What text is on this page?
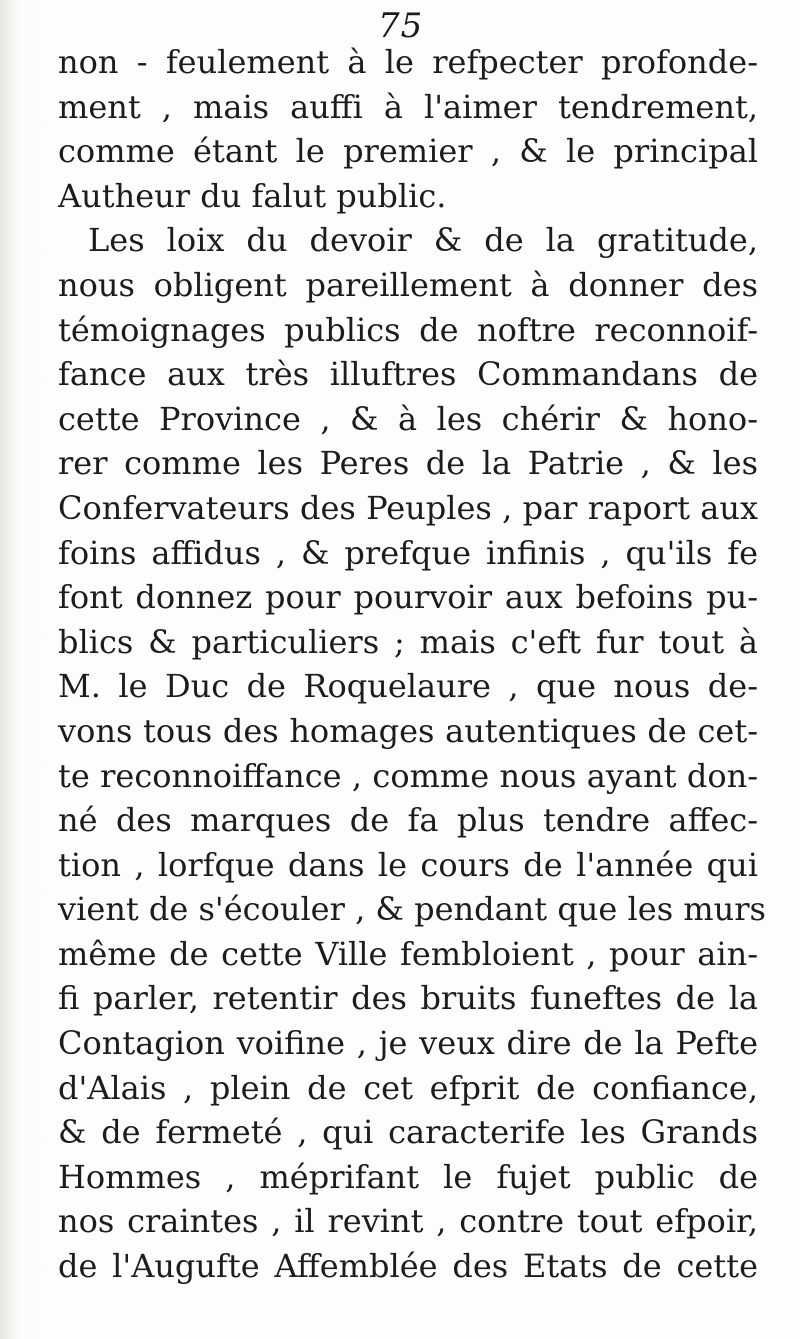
75
non - feulement à le refpecter profonde-
ment , mais auffi à l'aimer tendrement,
comme étant le premier , & le principal
Autheur du falut public.
Les loix du devoir & de la gratitude,
nous obligent pareillement à donner des
témoignages publics de noftre reconnoif-
fance aux très illuftres Commandans de
cette Province , & à les chérir & hono-
rer comme les Peres de la Patrie , & les
Confervateurs des Peuples , par raport aux
foins affidus , & prefque infinis , qu'ils fe
font donnez pour pourvoir aux befoins pu-
blics & particuliers ; mais c'eft fur tout à
M. le Duc de Roquelaure , que nous de-
vons tous des homages autentiques de cet-
te reconnoiffance , comme nous ayant don-
né des marques de fa plus tendre affec-
tion , lorfque dans le cours de l'année qui
vient de s'écouler , & pendant que les murs
même de cette Ville fembloient , pour ain-
fi parler, retentir des bruits funeftes de la
Contagion voifine , je veux dire de la Pefte
d'Alais , plein de cet efprit de confiance,
& de fermeté , qui caracterife les Grands
Hommes , méprifant le fujet public de
nos craintes , il revint , contre tout efpoir,
de l'Augufte Affemblée des Etats de cette
